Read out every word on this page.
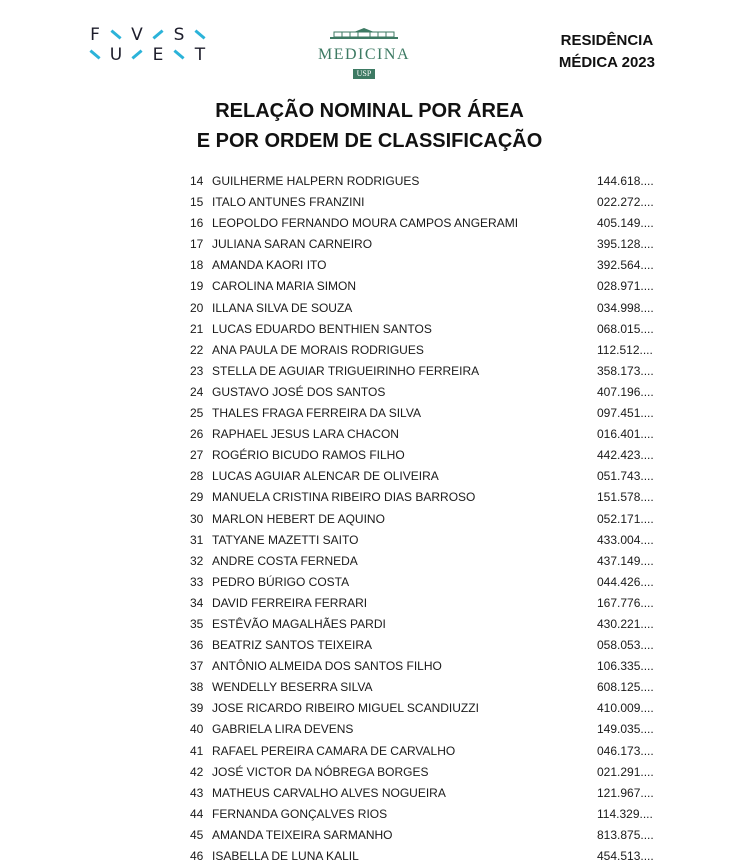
F V S
U E T	MEDICINA
USP
RESIDÊNCIA
MÉDICA 2023
RELAÇÃO NOMINAL POR ÁREA
E POR ORDEM DE CLASSIFICAÇÃO
14 GUILHERME HALPERN RODRIGUES	144.618....
15 ITALO ANTUNES FRANZINI	022.272....
16 LEOPOLDO FERNANDO MOURA CAMPOS ANGERAMI	405.149....
17 JULIANA SARAN CARNEIRO	395.128....
18 AMANDA KAORI ITO	392.564....
19 CAROLINA MARIA SIMON	028.971....
20 ILLANA SILVA DE SOUZA	034.998....
21 LUCAS EDUARDO BENTHIEN SANTOS	068.015....
22 ANA PAULA DE MORAIS RODRIGUES	112.512....
23 STELLA DE AGUIAR TRIGUEIRINHO FERREIRA	358.173....
24 GUSTAVO JOSÉ DOS SANTOS	407.196....
25 THALES FRAGA FERREIRA DA SILVA	097.451....
26 RAPHAEL JESUS LARA CHACON	016.401....
27 ROGÉRIO BICUDO RAMOS FILHO	442.423....
28 LUCAS AGUIAR ALENCAR DE OLIVEIRA	051.743....
29 MANUELA CRISTINA RIBEIRO DIAS BARROSO	151.578....
30 MARLON HEBERT DE AQUINO	052.171....
31 TATYANE MAZETTI SAITO	433.004....
32 ANDRE COSTA FERNEDA	437.149....
33 PEDRO BÚRIGO COSTA	044.426....
34 DAVID FERREIRA FERRARI	167.776....
35 ESTÊVÃO MAGALHÃES PARDI	430.221....
36 BEATRIZ SANTOS TEIXEIRA	058.053....
37 ANTÔNIO ALMEIDA DOS SANTOS FILHO	106.335....
38 WENDELLY BESERRA SILVA	608.125....
39 JOSE RICARDO RIBEIRO MIGUEL SCANDIUZZI	410.009....
40 GABRIELA LIRA DEVENS	149.035....
41 RAFAEL PEREIRA CAMARA DE CARVALHO	046.173....
42 JOSÉ VICTOR DA NÓBREGA BORGES	021.291....
43 MATHEUS CARVALHO ALVES NOGUEIRA	121.967....
44 FERNANDA GONÇALVES RIOS	114.329....
45 AMANDA TEIXEIRA SARMANHO	813.875....
46 ISABELLA DE LUNA KALIL	454.513....
